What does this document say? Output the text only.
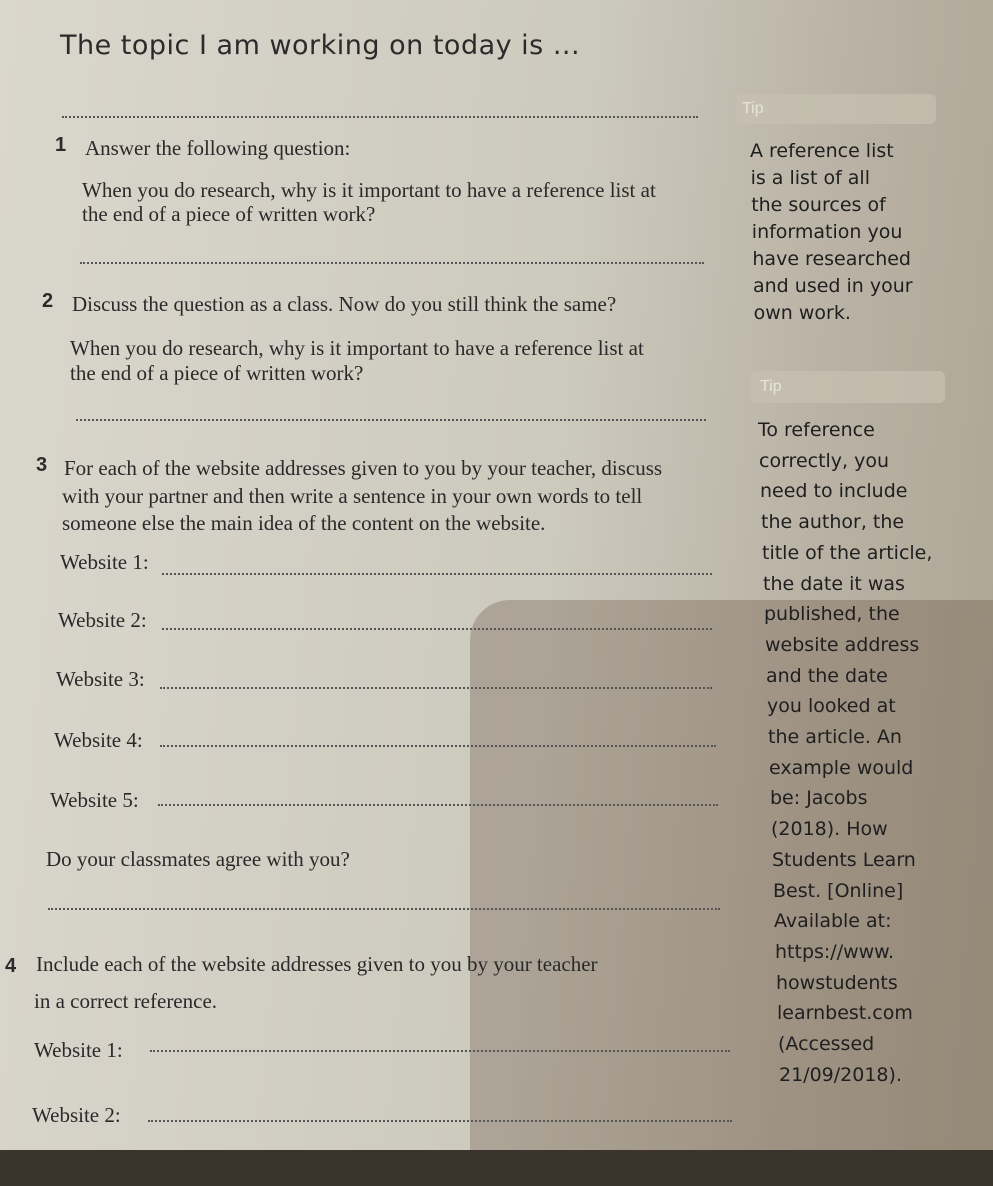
The topic I am working on today is ...
1 Answer the following question:
When you do research, why is it important to have a reference list at
the end of a piece of written work?
2 Discuss the question as a class. Now do you still think the same?
When you do research, why is it important to have a reference list at
the end of a piece of written work?
3 For each of the website addresses given to you by your teacher, discuss
with your partner and then write a sentence in your own words to tell
someone else the main idea of the content on the website.
Website 1:
Website 2:
Website 3:
Website 4:
Website 5:
Do your classmates agree with you?
4 Include each of the website addresses given to you by your teacher
in a correct reference.
Website 1:
Website 2:
Tip
A reference list
is a list of all
the sources of
information you
have researched
and used in your
own work.
Tip
To reference
correctly, you
need to include
the author, the
title of the article,
the date it was
published, the
website address
and the date
you looked at
the article. An
example would
be: Jacobs
(2018). How
Students Learn
Best. [Online]
Available at:
https://www.
howstudents
learnbest.com
(Accessed
21/09/2018).
